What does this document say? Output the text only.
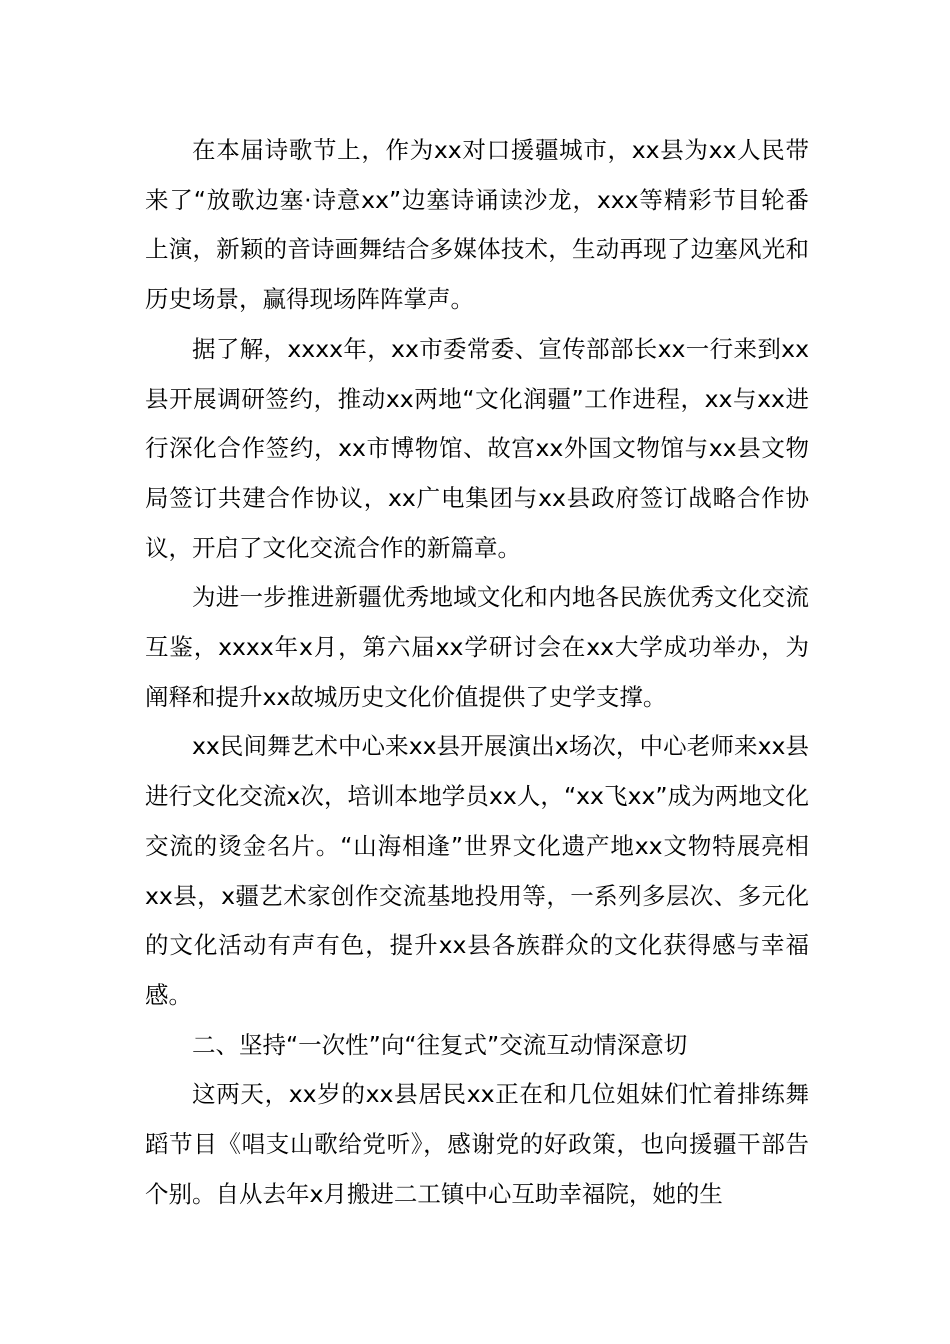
在本届诗歌节上，作为xx对口援疆城市，xx县为xx人民带来了“放歌边塞·诗意xx”边塞诗诵读沙龙，xxx等精彩节目轮番上演，新颖的音诗画舞结合多媒体技术，生动再现了边塞风光和历史场景，赢得现场阵阵掌声。

据了解，xxxx年，xx市委常委、宣传部部长xx一行来到xx县开展调研签约，推动xx两地“文化润疆”工作进程，xx与xx进行深化合作签约，xx市博物馆、故宫xx外国文物馆与xx县文物局签订共建合作协议，xx广电集团与xx县政府签订战略合作协议，开启了文化交流合作的新篇章。

为进一步推进新疆优秀地域文化和内地各民族优秀文化交流互鉴，xxxx年x月，第六届xx学研讨会在xx大学成功举办，为阐释和提升xx故城历史文化价值提供了史学支撑。

xx民间舞艺术中心来xx县开展演出x场次，中心老师来xx县进行文化交流x次，培训本地学员xx人，“xx飞xx”成为两地文化交流的烫金名片。“山海相逢”世界文化遗产地xx文物特展亮相xx县，x疆艺术家创作交流基地投用等，一系列多层次、多元化的文化活动有声有色，提升xx县各族群众的文化获得感与幸福感。

二、坚持“一次性”向“往复式”交流互动情深意切

这两天，xx岁的xx县居民xx正在和几位姐妹们忙着排练舞蹈节目《唱支山歌给党听》，感谢党的好政策，也向援疆干部告个别。自从去年x月搬进二工镇中心互助幸福院，她的生
